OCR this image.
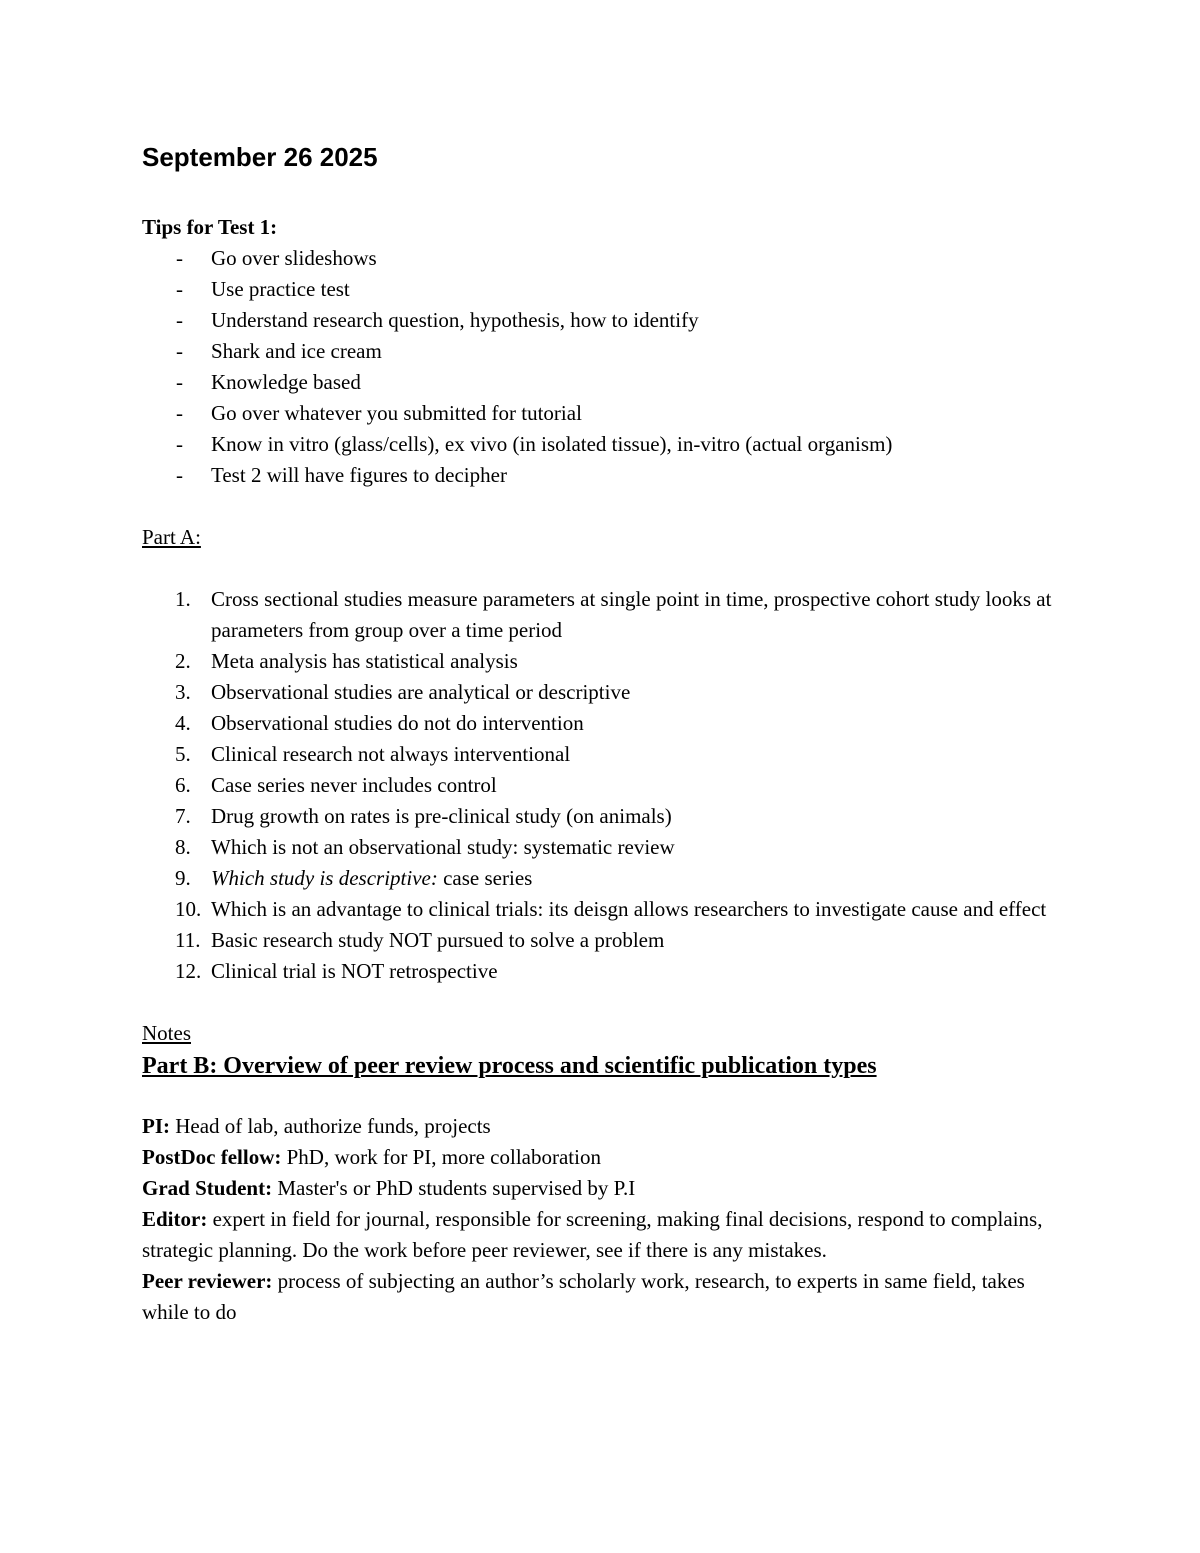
September 26 2025
Tips for Test 1:
- Go over slideshows
- Use practice test
- Understand research question, hypothesis, how to identify
- Shark and ice cream
- Knowledge based
- Go over whatever you submitted for tutorial
- Know in vitro (glass/cells), ex vivo (in isolated tissue), in-vitro (actual organism)
- Test 2 will have figures to decipher
Part A:
1. Cross sectional studies measure parameters at single point in time, prospective cohort study looks at parameters from group over a time period
2. Meta analysis has statistical analysis
3. Observational studies are analytical or descriptive
4. Observational studies do not do intervention
5. Clinical research not always interventional
6. Case series never includes control
7. Drug growth on rates is pre-clinical study (on animals)
8. Which is not an observational study: systematic review
9. Which study is descriptive: case series
10. Which is an advantage to clinical trials: its deisgn allows researchers to investigate cause and effect
11. Basic research study NOT pursued to solve a problem
12. Clinical trial is NOT retrospective
Notes
Part B: Overview of peer review process and scientific publication types

PI: Head of lab, authorize funds, projects

PostDoc fellow: PhD, work for PI, more collaboration

Grad Student: Master's or PhD students supervised by P.I

Editor: expert in field for journal, responsible for screening, making final decisions, respond to complains, strategic planning. Do the work before peer reviewer, see if there is any mistakes.

Peer reviewer: process of subjecting an author’s scholarly work, research, to experts in same field, takes while to do
